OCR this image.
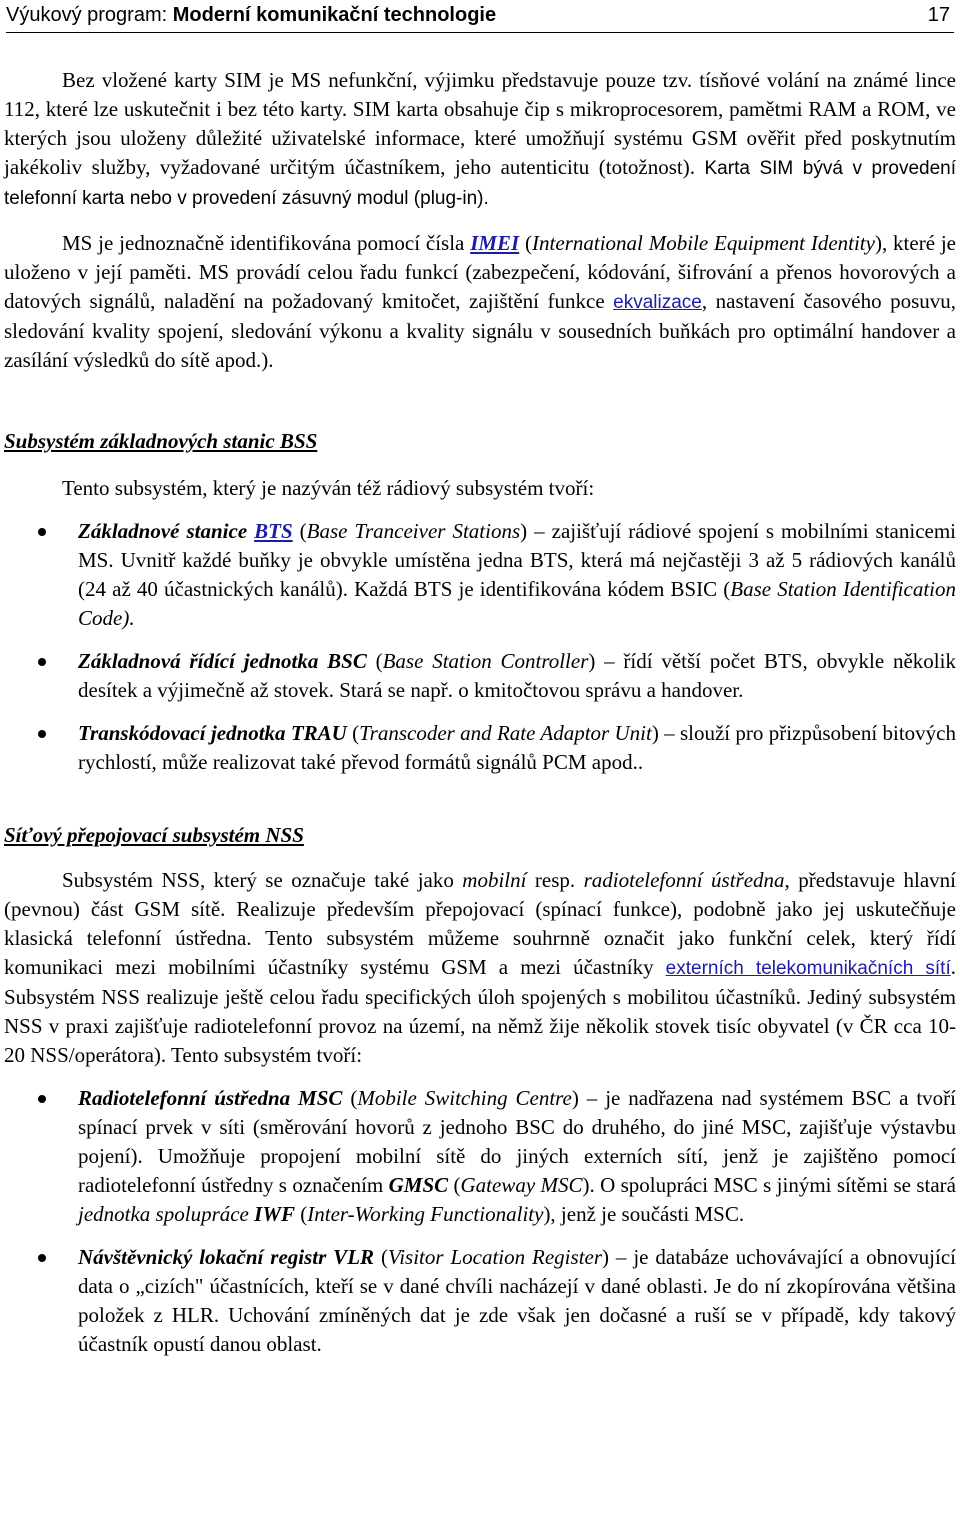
Výukový program: Moderní komunikační technologie	17

Bez vložené karty SIM je MS nefunkční, výjimku představuje pouze tzv. tísňové volání na známé lince 112, které lze uskutečnit i bez této karty. SIM karta obsahuje čip s mikroprocesorem, pamětmi RAM a ROM, ve kterých jsou uloženy důležité uživatelské informace, které umožňují systému GSM ověřit před poskytnutím jakékoliv služby, vyžadované určitým účastníkem, jeho autenticitu (totožnost). Karta SIM bývá v provedení telefonní karta nebo v provedení zásuvný modul (plug-in).

MS je jednoznačně identifikována pomocí čísla IMEI (International Mobile Equipment Identity), které je uloženo v její paměti. MS provádí celou řadu funkcí (zabezpečení, kódování, šifrování a přenos hovorových a datových signálů, naladění na požadovaný kmitočet, zajištění funkce ekvalizace, nastavení časového posuvu, sledování kvality spojení, sledování výkonu a kvality signálu v sousedních buňkách pro optimální handover a zasílání výsledků do sítě apod.).

Subsystém základnových stanic BSS

Tento subsystém, který je nazýván též rádiový subsystém tvoří:

Základnové stanice BTS (Base Tranceiver Stations) – zajišťují rádiové spojení s mobilními stanicemi MS. Uvnitř každé buňky je obvykle umístěna jedna BTS, která má nejčastěji 3 až 5 rádiových kanálů (24 až 40 účastnických kanálů). Každá BTS je identifikována kódem BSIC (Base Station Identification Code).

Základnová řídící jednotka BSC (Base Station Controller) – řídí větší počet BTS, obvykle několik desítek a výjimečně až stovek. Stará se např. o kmitočtovou správu a handover.

Transkódovací jednotka TRAU (Transcoder and Rate Adaptor Unit) – slouží pro přizpůsobení bitových rychlostí, může realizovat také převod formátů signálů PCM apod..

Síťový přepojovací subsystém NSS

Subsystém NSS, který se označuje také jako mobilní resp. radiotelefonní ústředna, představuje hlavní (pevnou) část GSM sítě. Realizuje především přepojovací (spínací funkce), podobně jako jej uskutečňuje klasická telefonní ústředna. Tento subsystém můžeme souhrnně označit jako funkční celek, který řídí komunikaci mezi mobilními účastníky systému GSM a mezi účastníky externích telekomunikačních sítí. Subsystém NSS realizuje ještě celou řadu specifických úloh spojených s mobilitou účastníků. Jediný subsystém NSS v praxi zajišťuje radiotelefonní provoz na území, na němž žije několik stovek tisíc obyvatel (v ČR cca 10-20 NSS/operátora). Tento subsystém tvoří:

Radiotelefonní ústředna MSC (Mobile Switching Centre) – je nadřazena nad systémem BSC a tvoří spínací prvek v síti (směrování hovorů z jednoho BSC do druhého, do jiné MSC, zajišťuje výstavbu pojení). Umožňuje propojení mobilní sítě do jiných externích sítí, jenž je zajištěno pomocí radiotelefonní ústředny s označením GMSC (Gateway MSC). O spolupráci MSC s jinými sítěmi se stará jednotka spolupráce IWF (Inter-Working Functionality), jenž je součásti MSC.

Návštěvnický lokační registr VLR (Visitor Location Register) – je databáze uchovávající a obnovující data o „cizích" účastnících, kteří se v dané chvíli nacházejí v dané oblasti. Je do ní zkopírována většina položek z HLR. Uchování zmíněných dat je zde však jen dočasné a ruší se v případě, kdy takový účastník opustí danou oblast.
